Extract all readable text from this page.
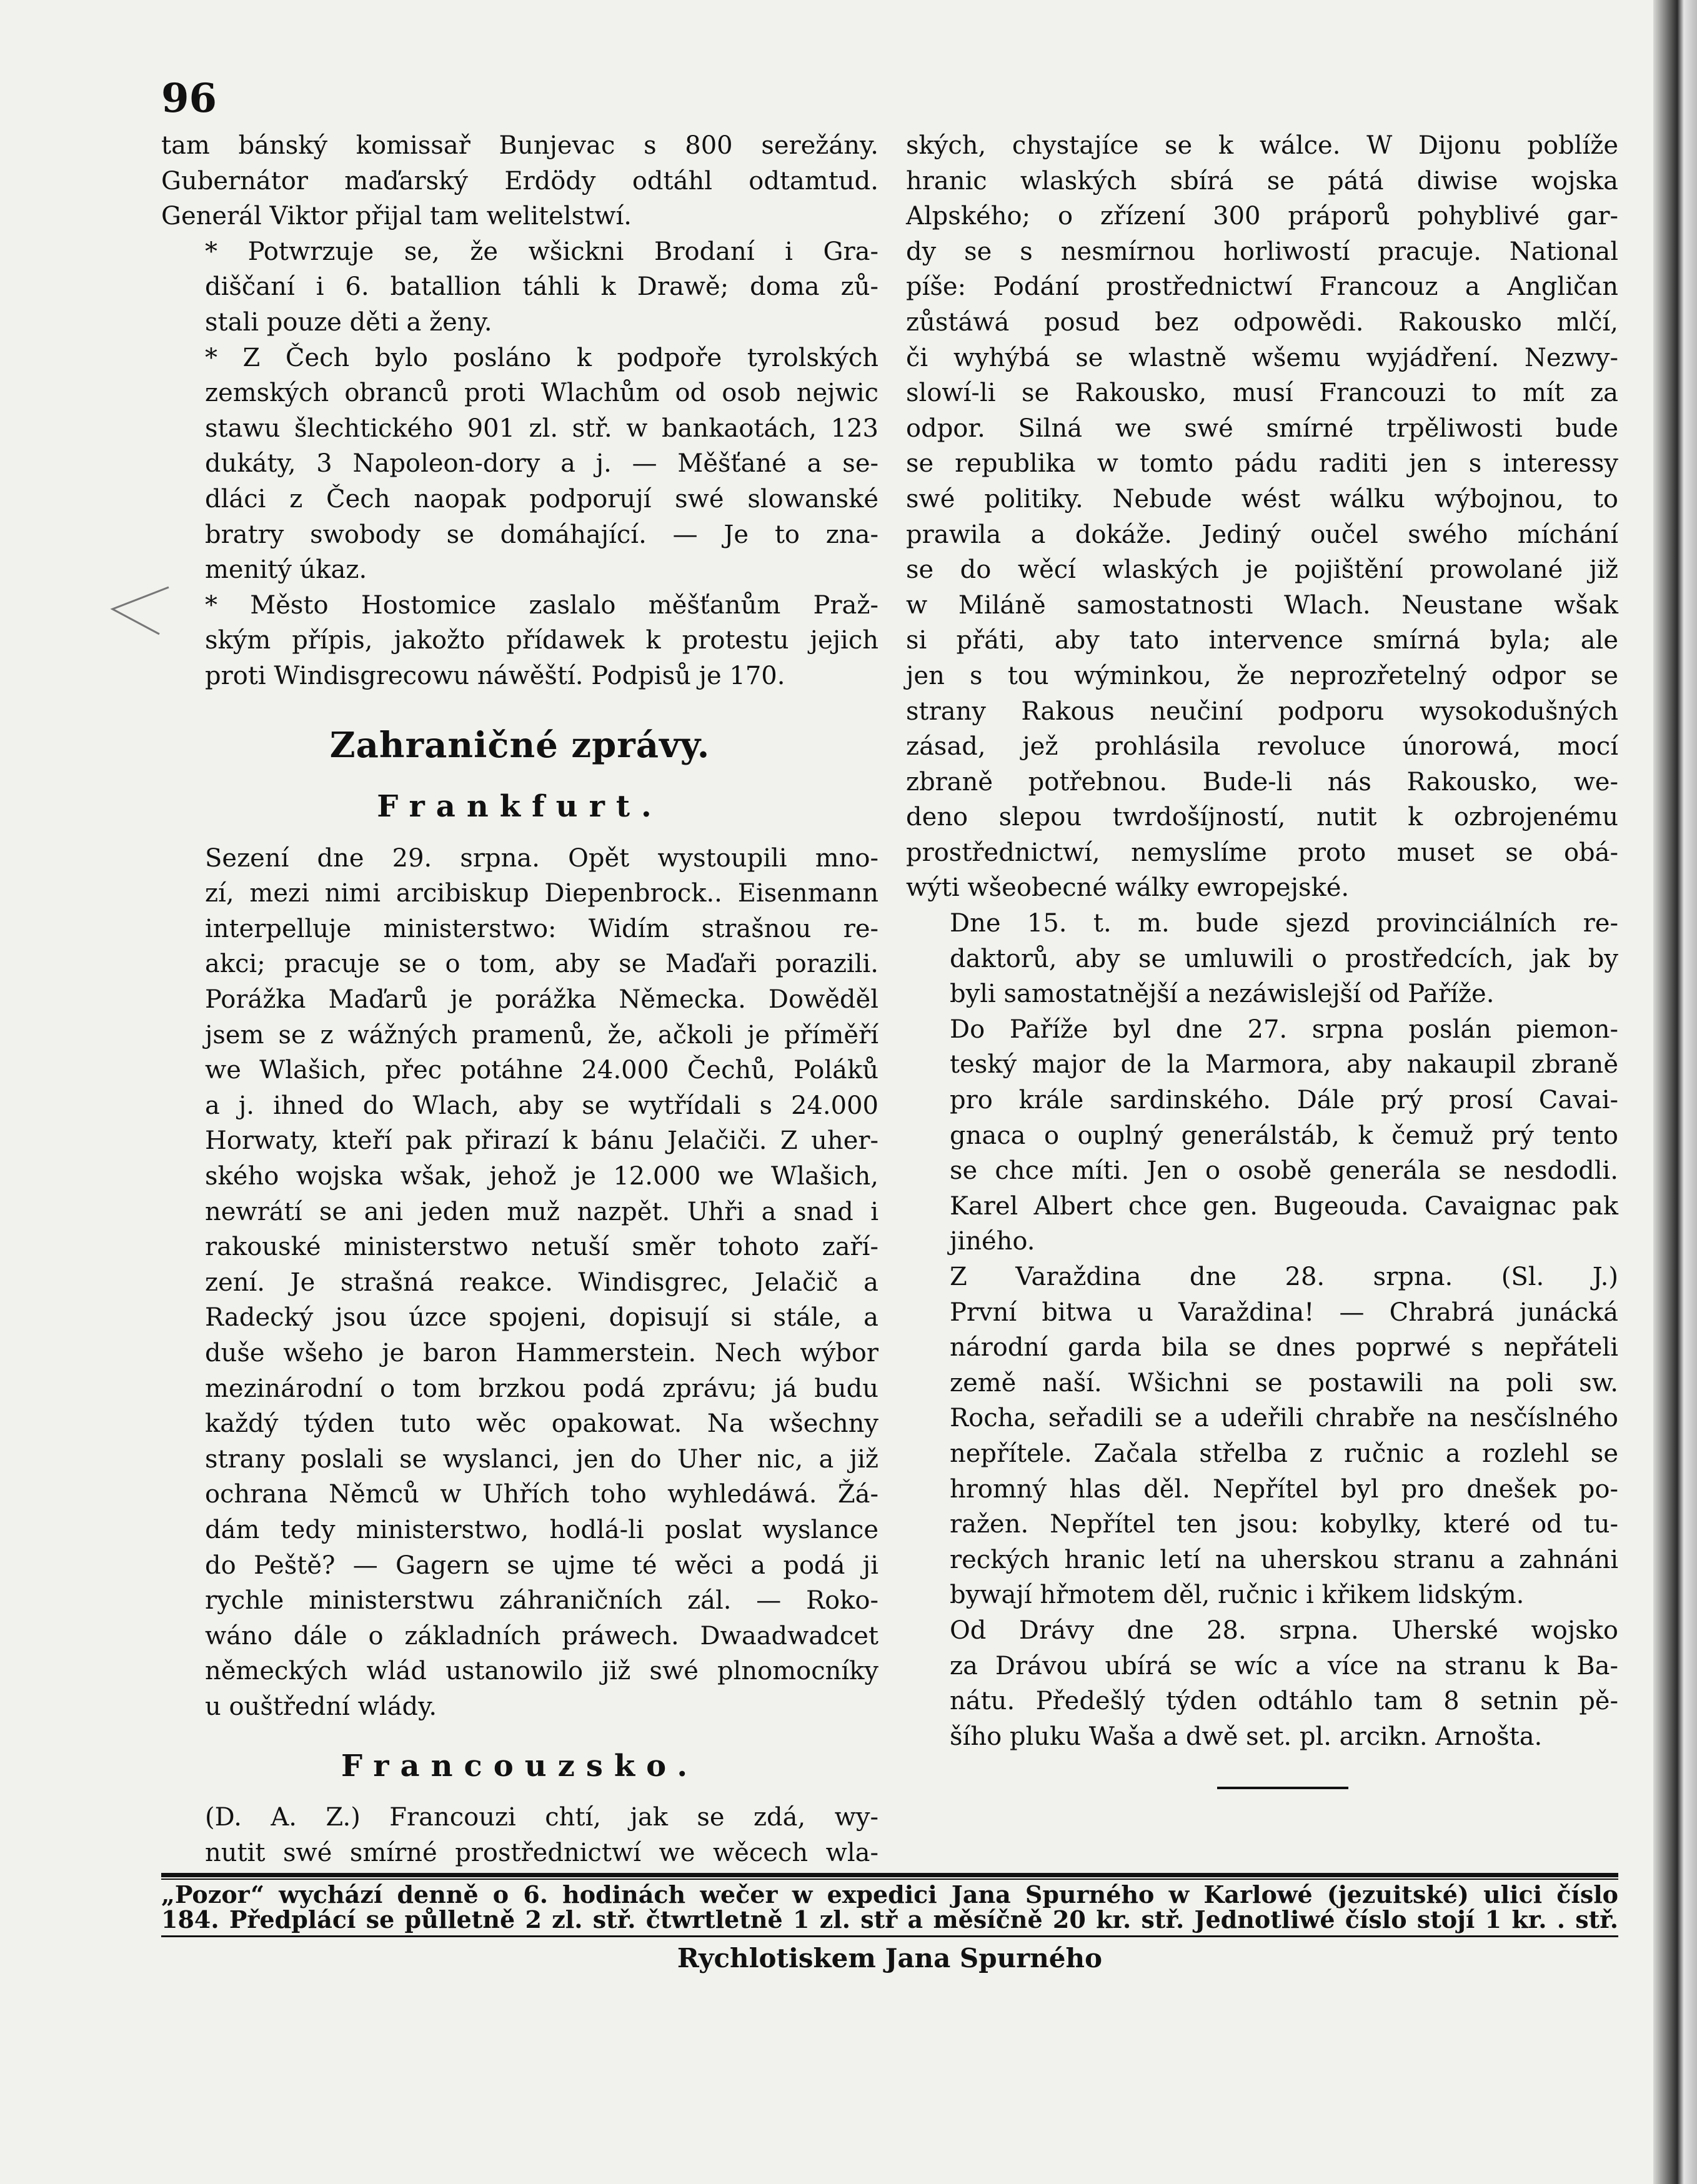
96

tam bánský komissař Bunjevac s 800 serežány.
Gubernátor maďarský Erdödy odtáhl odtamtud.
Generál Viktor přijal tam welitelstwí.

* Potwrzuje se, že wšickni Brodaní i Gra-
diščaní i 6. batallion táhli k Drawě; doma zů-
stali pouze děti a ženy.

* Z Čech bylo posláno k podpoře tyrolských
zemských obranců proti Wlachům od osob nejwic
stawu šlechtického 901 zl. stř. w bankaotách, 123
dukáty, 3 Napoleon-dory a j. — Měšťané a se-
dláci z Čech naopak podporují swé slowanské
bratry swobody se domáhající. — Je to zna-
menitý úkaz.

* Město Hostomice zaslalo měšťanům Praž-
ským přípis, jakožto přídawek k protestu jejich
proti Windisgrecowu náwěští. Podpisů je 170.

Zahraničné zprávy.
Frankfurt.

Sezení dne 29. srpna. Opět wystoupili mno-
zí, mezi nimi arcibiskup Diepenbrock.. Eisenmann
interpelluje ministerstwo: Widím strašnou re-
akci; pracuje se o tom, aby se Maďaři porazili.
Porážka Maďarů je porážka Německa. Dowěděl
jsem se z wážných pramenů, že, ačkoli je příměří
we Wlašich, přec potáhne 24.000 Čechů, Poláků
a j. ihned do Wlach, aby se wytřídali s 24.000
Horwaty, kteří pak přirazí k bánu Jelačiči. Z uher-
ského wojska wšak, jehož je 12.000 we Wlašich,
newrátí se ani jeden muž nazpět. Uhři a snad i
rakouské ministerstwo netuší směr tohoto zaří-
zení. Je strašná reakce. Windisgrec, Jelačič a
Radecký jsou úzce spojeni, dopisují si stále, a
duše wšeho je baron Hammerstein. Nech wýbor
mezinárodní o tom brzkou podá zprávu; já budu
každý týden tuto wěc opakowat. Na wšechny
strany poslali se wyslanci, jen do Uher nic, a již
ochrana Němců w Uhřích toho wyhledáwá. Žá-
dám tedy ministerstwo, hodlá-li poslat wyslance
do Peště? — Gagern se ujme té wěci a podá ji
rychle ministerstwu záhraničních zál. — Roko-
wáno dále o základních práwech. Dwaadwadcet
německých wlád ustanowilo již swé plnomocníky
u ouštřední wlády.

Francouzsko.

(D. A. Z.) Francouzi chtí, jak se zdá, wy-
nutit swé smírné prostřednictwí we wěcech wla-

ských, chystajíce se k wálce. W Dijonu poblíže
hranic wlaských sbírá se pátá diwise wojska
Alpského; o zřízení 300 práporů pohyblivé gar-
dy se s nesmírnou horliwostí pracuje. National
píše: Podání prostřednictwí Francouz a Angličan
zůstáwá posud bez odpowědi. Rakousko mlčí,
či wyhýbá se wlastně wšemu wyjádření. Nezwy-
slowí-li se Rakousko, musí Francouzi to mít za
odpor. Silná we swé smírné trpěliwosti bude
se republika w tomto pádu raditi jen s interessy
swé politiky. Nebude wést wálku wýbojnou, to
prawila a dokáže. Jediný oučel swého míchání
se do wěcí wlaských je pojištění prowolané již
w Miláně samostatnosti Wlach. Neustane wšak
si přáti, aby tato intervence smírná byla; ale
jen s tou wýminkou, že neprozřetelný odpor se
strany Rakous neučiní podporu wysokodušných
zásad, jež prohlásila revoluce únorowá, mocí
zbraně potřebnou. Bude-li nás Rakousko, we-
deno slepou twrdošíjností, nutit k ozbrojenému
prostřednictwí, nemyslíme proto muset se obá-
wýti wšeobecné wálky ewropejské.

Dne 15. t. m. bude sjezd provinciálních re-
daktorů, aby se umluwili o prostředcích, jak by
byli samostatnější a nezáwislejší od Paříže.

Do Paříže byl dne 27. srpna poslán piemon-
teský major de la Marmora, aby nakaupil zbraně
pro krále sardinského. Dále prý prosí Cavai-
gnaca o ouplný generálstáb, k čemuž prý tento
se chce míti. Jen o osobě generála se nesdodli.
Karel Albert chce gen. Bugeouda. Cavaignac pak
jiného.

Z Varaždina dne 28. srpna. (Sl. J.)
První bitwa u Varaždina! — Chrabrá junácká
národní garda bila se dnes poprwé s nepřáteli
země naší. Wšichni se postawili na poli sw.
Rocha, seřadili se a udeřili chrabře na nesčíslného
nepřítele. Začala střelba z ručnic a rozlehl se
hromný hlas děl. Nepřítel byl pro dnešek po-
ražen. Nepřítel ten jsou: kobylky, které od tu-
reckých hranic letí na uherskou stranu a zahnáni
bywají hřmotem děl, ručnic i křikem lidským.

Od Drávy dne 28. srpna. Uherské wojsko
za Drávou ubírá se wíc a více na stranu k Ba-
nátu. Předešlý týden odtáhlo tam 8 setnin pě-
šího pluku Waša a dwě set. pl. arcikn. Arnošta.

„Pozor“ wychází denně o 6. hodinách wečer w expedici Jana Spurného w Karlowé (jezuitské) ulici číslo
184. Předplácí se půlletně 2 zl. stř. čtwrtletně 1 zl. stř a měsíčně 20 kr. stř. Jednotliwé číslo stojí 1 kr. . stř.
Rychlotiskem Jana Spurného
